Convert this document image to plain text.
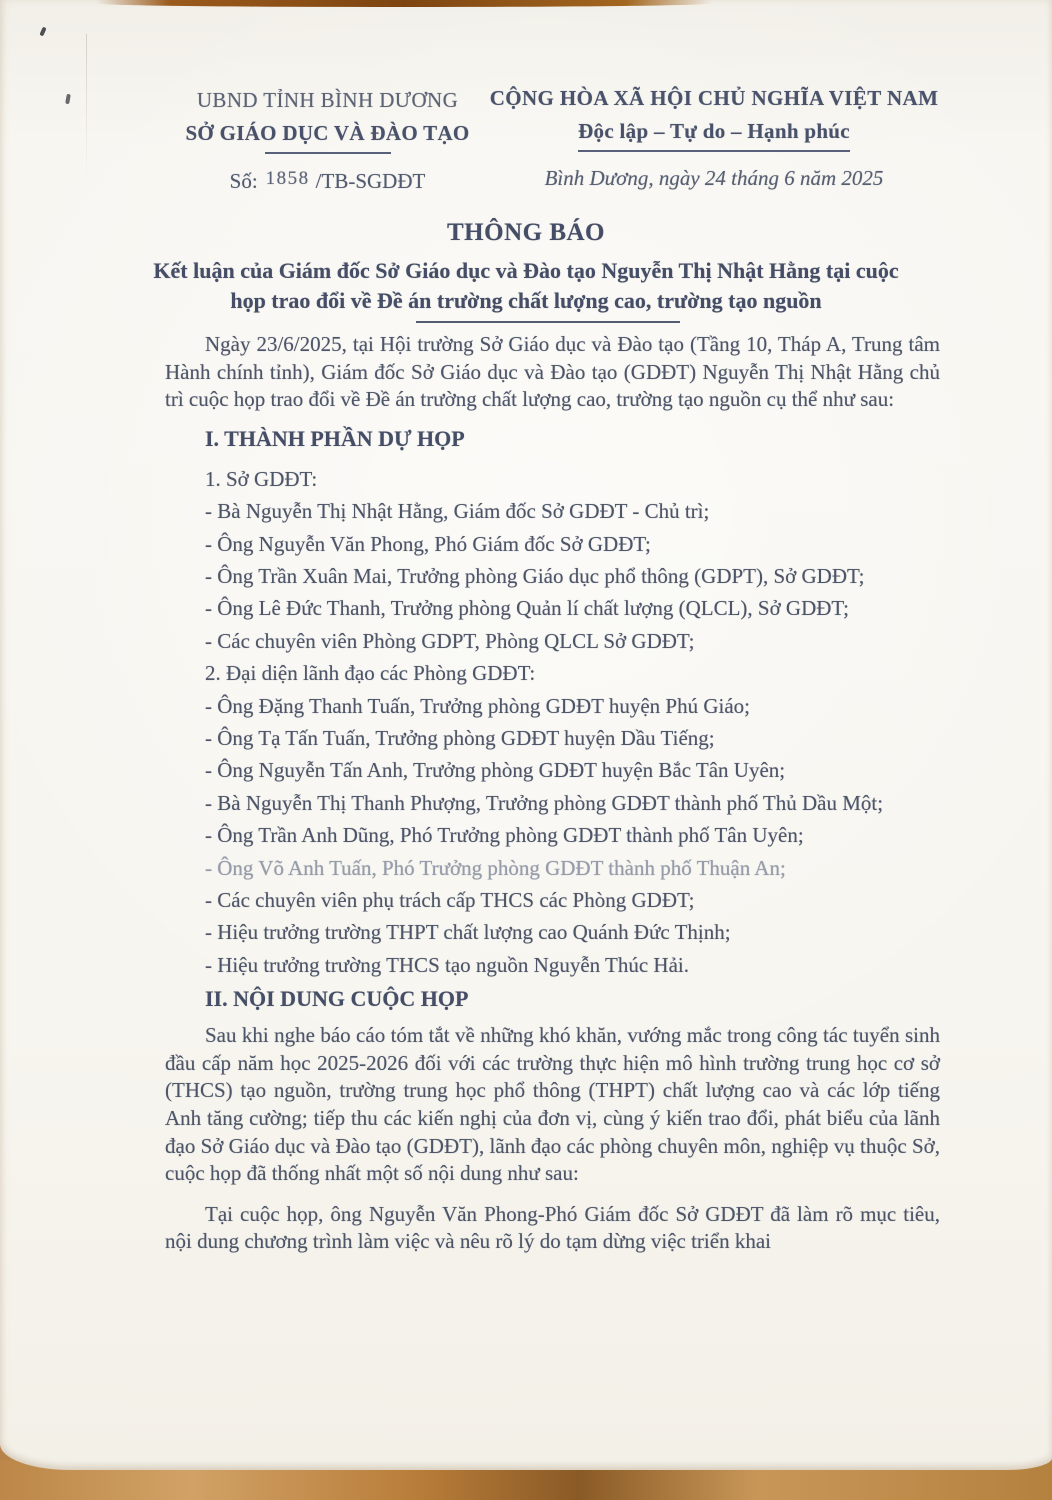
UBND TỈNH BÌNH DƯƠNG
SỞ GIÁO DỤC VÀ ĐÀO TẠO
Số: 1858 /TB-SGDĐT
CỘNG HÒA XÃ HỘI CHỦ NGHĨA VIỆT NAM
Độc lập – Tự do – Hạnh phúc
Bình Dương, ngày 24 tháng 6 năm 2025
THÔNG BÁO
Kết luận của Giám đốc Sở Giáo dục và Đào tạo Nguyễn Thị Nhật Hằng tại cuộc họp trao đổi về Đề án trường chất lượng cao, trường tạo nguồn

Ngày 23/6/2025, tại Hội trường Sở Giáo dục và Đào tạo (Tầng 10, Tháp A, Trung tâm Hành chính tỉnh), Giám đốc Sở Giáo dục và Đào tạo (GDĐT) Nguyễn Thị Nhật Hằng chủ trì cuộc họp trao đổi về Đề án trường chất lượng cao, trường tạo nguồn cụ thể như sau:

I. THÀNH PHẦN DỰ HỌP
1. Sở GDĐT:
- Bà Nguyễn Thị Nhật Hằng, Giám đốc Sở GDĐT - Chủ trì;
- Ông Nguyễn Văn Phong, Phó Giám đốc Sở GDĐT;
- Ông Trần Xuân Mai, Trưởng phòng Giáo dục phổ thông (GDPT), Sở GDĐT;
- Ông Lê Đức Thanh, Trưởng phòng Quản lí chất lượng (QLCL), Sở GDĐT;
- Các chuyên viên Phòng GDPT, Phòng QLCL Sở GDĐT;
2. Đại diện lãnh đạo các Phòng GDĐT:
- Ông Đặng Thanh Tuấn, Trưởng phòng GDĐT huyện Phú Giáo;
- Ông Tạ Tấn Tuấn, Trưởng phòng GDĐT huyện Dầu Tiếng;
- Ông Nguyễn Tấn Anh, Trưởng phòng GDĐT huyện Bắc Tân Uyên;
- Bà Nguyễn Thị Thanh Phượng, Trưởng phòng GDĐT thành phố Thủ Dầu Một;
- Ông Trần Anh Dũng, Phó Trưởng phòng GDĐT thành phố Tân Uyên;
- Ông Võ Anh Tuấn, Phó Trưởng phòng GDĐT thành phố Thuận An;
- Các chuyên viên phụ trách cấp THCS các Phòng GDĐT;
- Hiệu trưởng trường THPT chất lượng cao Quánh Đức Thịnh;
- Hiệu trưởng trường THCS tạo nguồn Nguyễn Thúc Hải.
II. NỘI DUNG CUỘC HỌP

Sau khi nghe báo cáo tóm tắt về những khó khăn, vướng mắc trong công tác tuyển sinh đầu cấp năm học 2025-2026 đối với các trường thực hiện mô hình trường trung học cơ sở (THCS) tạo nguồn, trường trung học phổ thông (THPT) chất lượng cao và các lớp tiếng Anh tăng cường; tiếp thu các kiến nghị của đơn vị, cùng ý kiến trao đổi, phát biểu của lãnh đạo Sở Giáo dục và Đào tạo (GDĐT), lãnh đạo các phòng chuyên môn, nghiệp vụ thuộc Sở, cuộc họp đã thống nhất một số nội dung như sau:

Tại cuộc họp, ông Nguyễn Văn Phong-Phó Giám đốc Sở GDĐT đã làm rõ mục tiêu, nội dung chương trình làm việc và nêu rõ lý do tạm dừng việc triển khai
